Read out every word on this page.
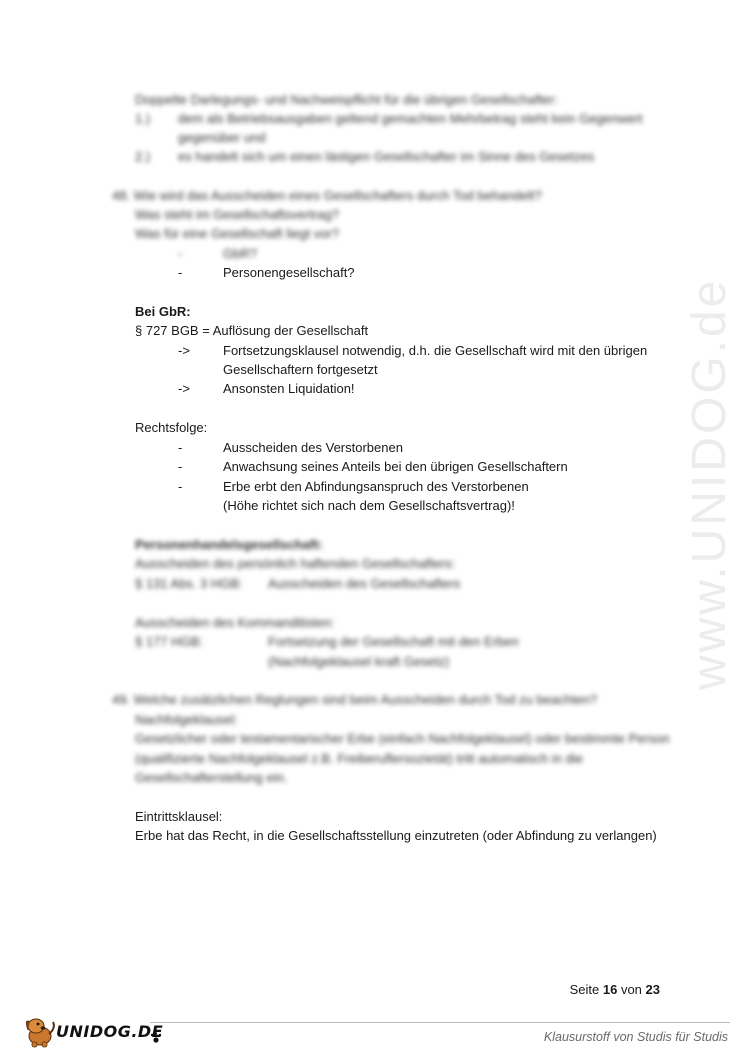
www.UNIDOG.de
Doppelte Darlegungs- und Nachweispflicht für die übrigen Gesellschafter:
1.) dem als Betriebsausgaben geltend gemachten Mehrbetrag steht kein Gegenwert
gegenüber und
2.) es handelt sich um einen lästigen Gesellschafter im Sinne des Gesetzes
48. Wie wird das Ausscheiden eines Gesellschafters durch Tod behandelt?
Was steht im Gesellschaftsvertrag?
Was für eine Gesellschaft liegt vor?
-	GbR?
-	Personengesellschaft?
Bei GbR:
§ 727 BGB = Auflösung der Gesellschaft
->	Fortsetzungsklausel notwendig, d.h. die Gesellschaft wird mit den übrigen
Gesellschaftern fortgesetzt
->	Ansonsten Liquidation!
Rechtsfolge:
-	Ausscheiden des Verstorbenen
-	Anwachsung seines Anteils bei den übrigen Gesellschaftern
-	Erbe erbt den Abfindungsanspruch des Verstorbenen
(Höhe richtet sich nach dem Gesellschaftsvertrag)!
Personenhandelsgesellschaft:
Ausscheiden des persönlich haftenden Gesellschafters:
§ 131 Abs. 3 HGB: Ausscheiden des Gesellschafters
Ausscheiden des Kommanditisten:
§ 177 HGB:	Fortsetzung der Gesellschaft mit den Erben
(Nachfolgeklausel kraft Gesetz)
49. Welche zusätzlichen Reglungen sind beim Ausscheiden durch Tod zu beachten?
Nachfolgeklausel:
Gesetzlicher oder testamentarischer Erbe (einfach Nachfolgeklausel) oder bestimmte Person
(qualifizierte Nachfolgeklausel z.B. Freiberuflersozietät) tritt automatisch in die
Gesellschafterstellung ein.
Eintrittsklausel:
Erbe hat das Recht, in die Gesellschaftsstellung einzutreten (oder Abfindung zu verlangen)
Seite 16 von 23
Klausurstoff von Studis für Studis
UNIDOG.DE
